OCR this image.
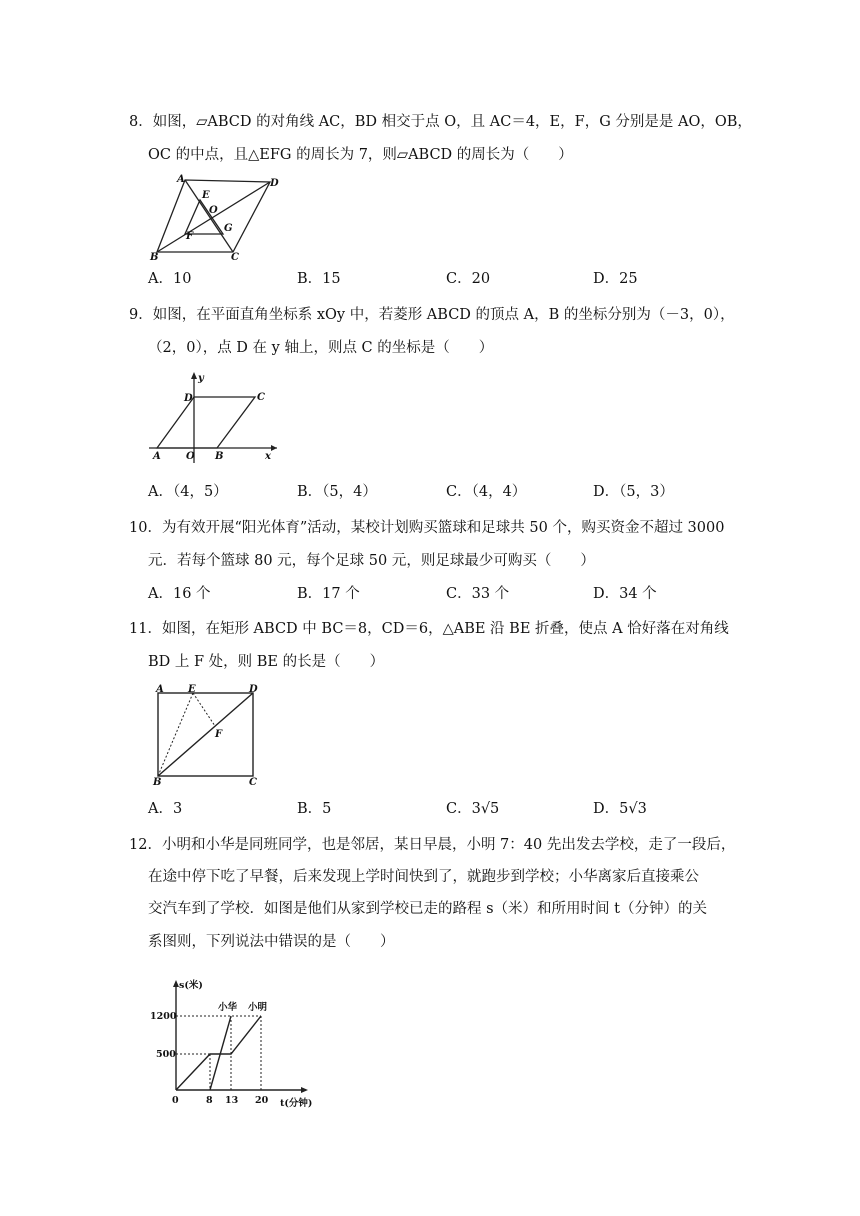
8．如图，▱ABCD 的对角线 AC，BD 相交于点 O，且 AC＝4，E，F，G 分别是是 AO，OB，
OC 的中点，且△EFG 的周长为 7，则▱ABCD 的周长为（　　）
A	D
E
O
F
G
B	C
A．10	B．15	C．20	D．25
9．如图，在平面直角坐标系 xOy 中，若菱形 ABCD 的顶点 A，B 的坐标分别为（－3，0），
（2，0），点 D 在 y 轴上，则点 C 的坐标是（　　）
y
D	C
A	O B	x
A．（4，5）	B．（5，4）	C．（4，4）	D．（5，3）
10．为有效开展“阳光体育”活动，某校计划购买篮球和足球共 50 个，购买资金不超过 3000
元．若每个篮球 80 元，每个足球 50 元，则足球最少可购买（　　）
A．16 个	B．17 个	C．33 个	D．34 个
11．如图，在矩形 ABCD 中 BC＝8，CD＝6，△ABE 沿 BE 折叠，使点 A 恰好落在对角线
BD 上 F 处，则 BE 的长是（　　）
A E	D
F
B	C
A．3	B．5	C．3√5	D．5√3
12．小明和小华是同班同学，也是邻居，某日早晨，小明 7：40 先出发去学校，走了一段后，
在途中停下吃了早餐，后来发现上学时间快到了，就跑步到学校；小华离家后直接乘公
交汽车到了学校．如图是他们从家到学校已走的路程 s（米）和所用时间 t（分钟）的关
系图则，下列说法中错误的是（　　）
s(米)
小华 小明
1200
500
0	8 13 20 t(分钟)
